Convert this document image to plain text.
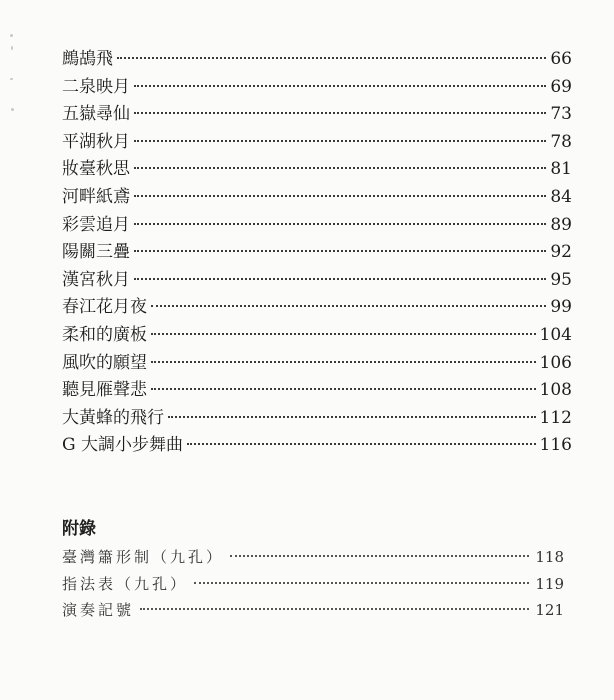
鷓鴣飛	66
二泉映月	69
五嶽尋仙	73
平湖秋月	78
妝臺秋思	81
河畔紙鳶	84
彩雲追月	89
陽關三疊	92
漢宮秋月	95
春江花月夜	99
柔和的廣板	104
風吹的願望	106
聽見雁聲悲	108
大黃蜂的飛行	112
G 大調小步舞曲	116
附錄
臺灣簫形制（九孔）	118
指法表（九孔）	119
演奏記號	121
